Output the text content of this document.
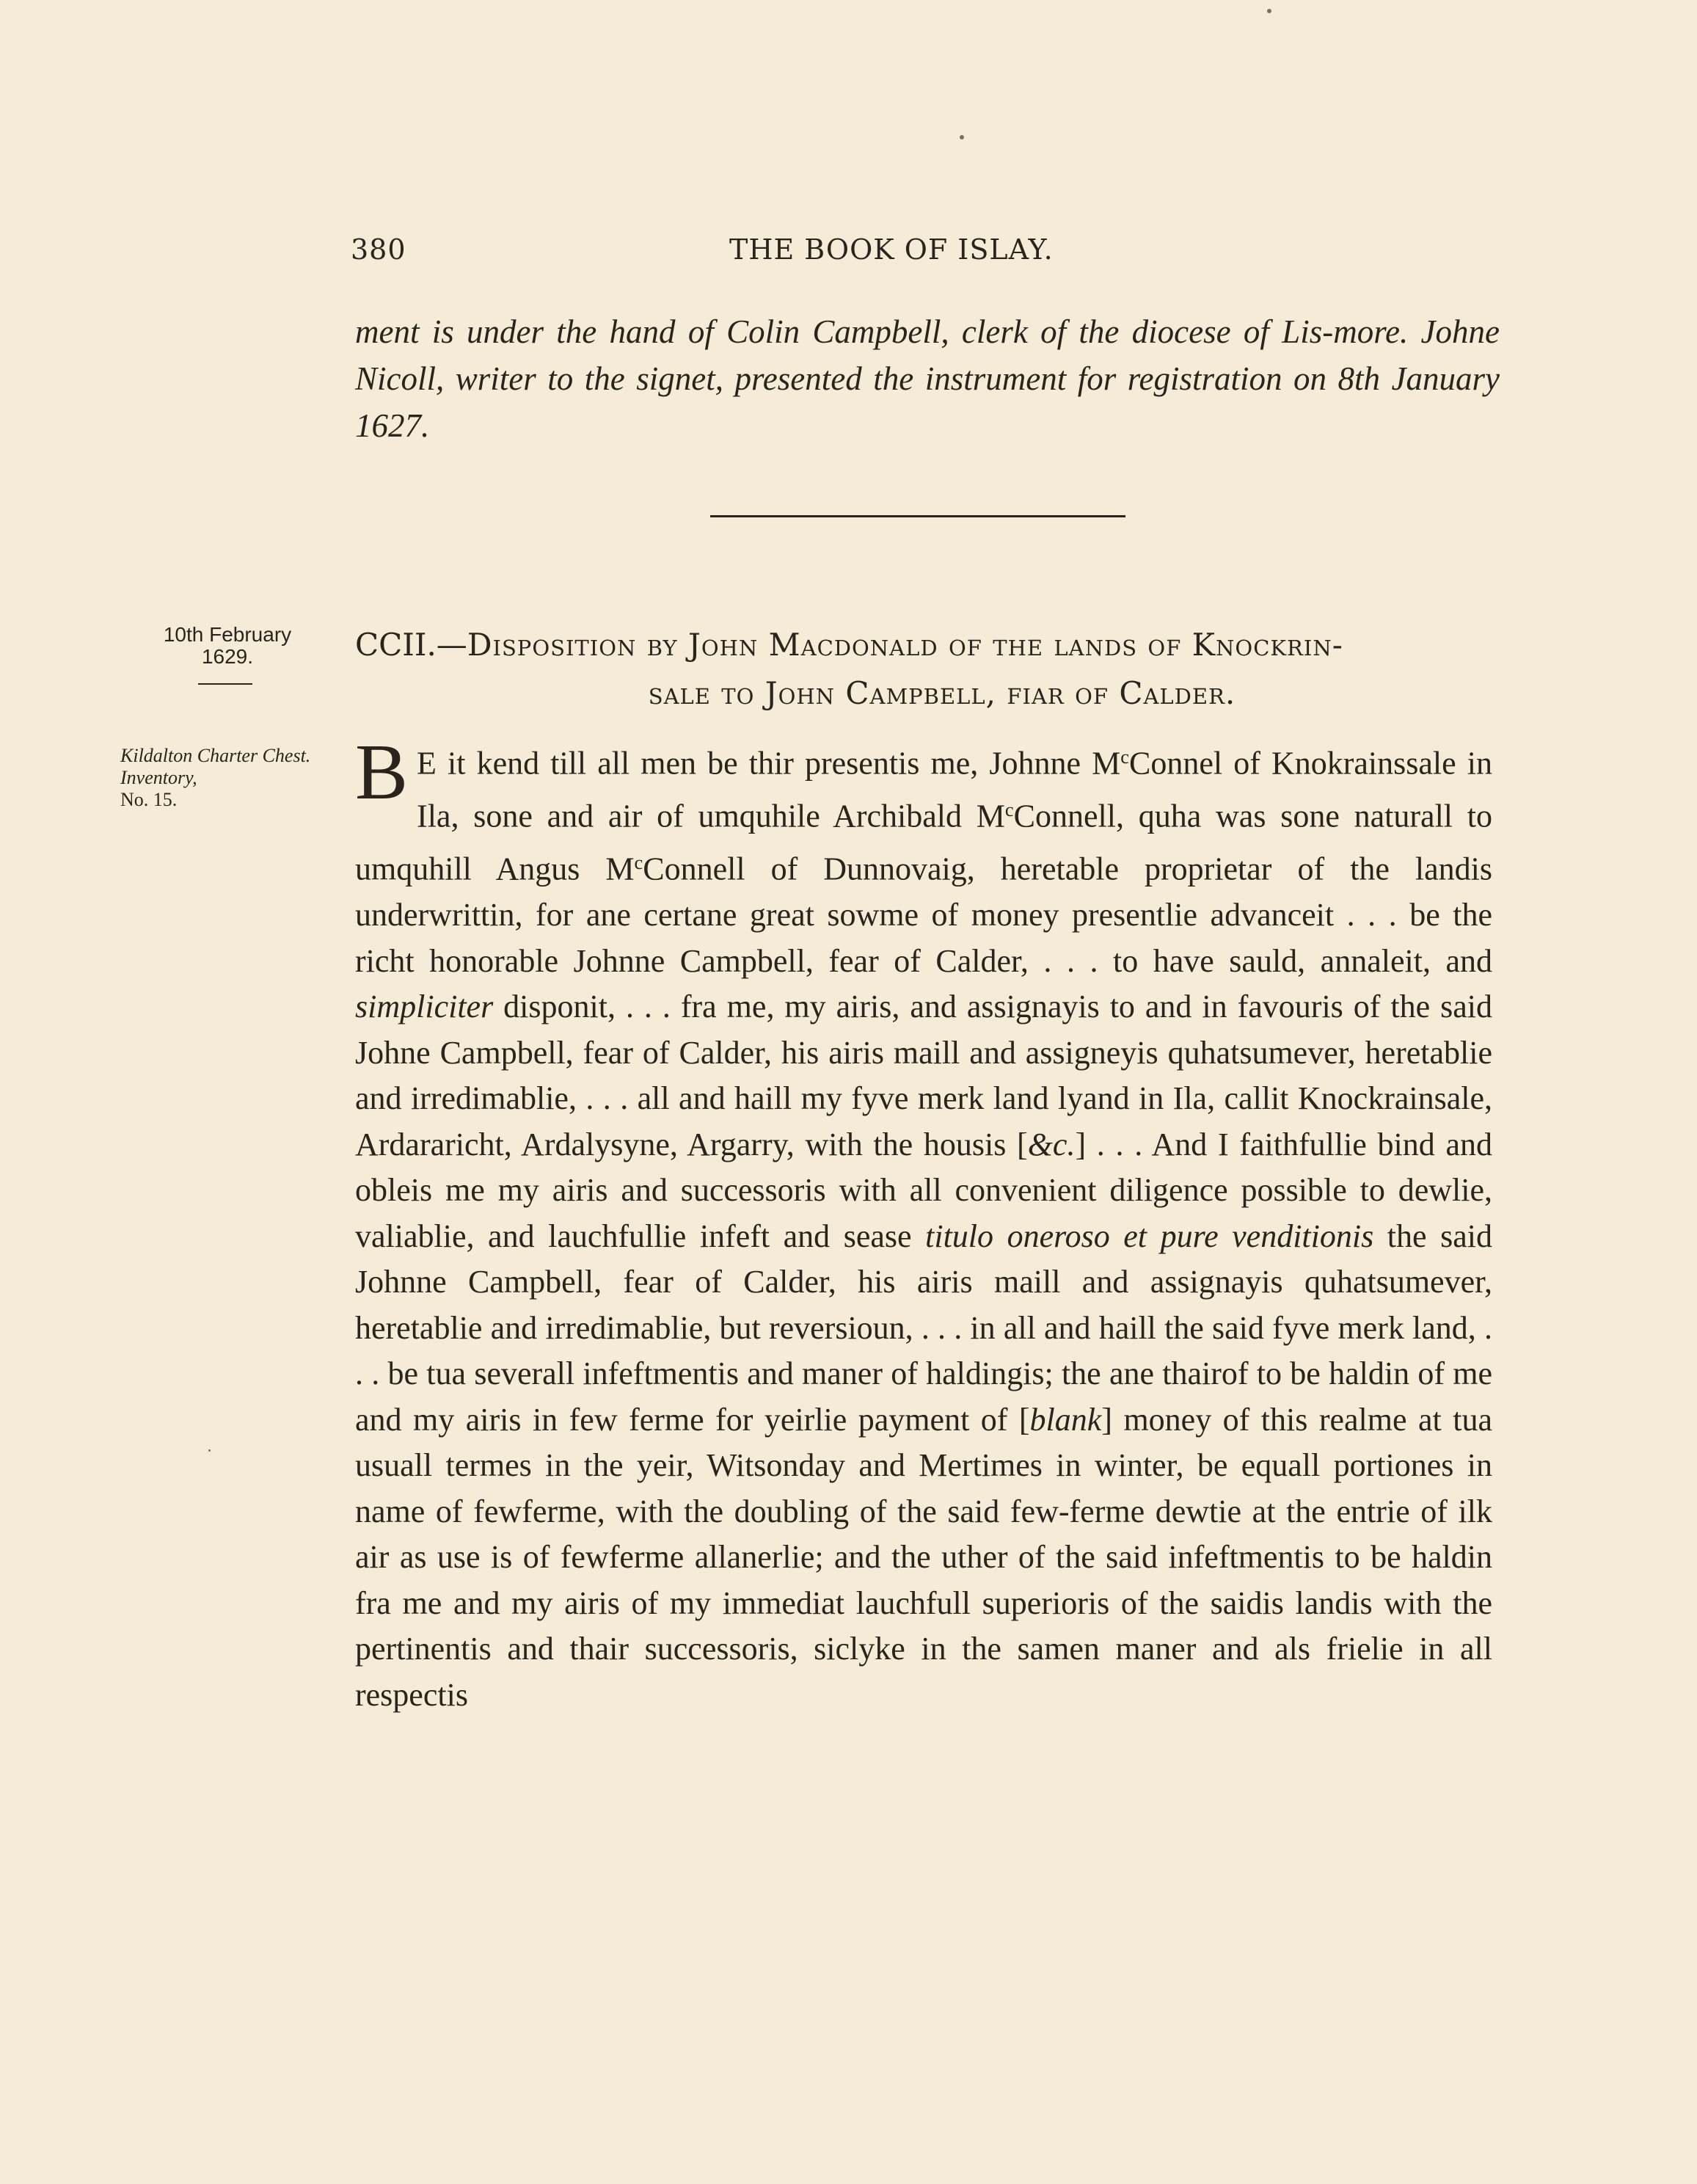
380	THE BOOK OF ISLAY.

ment is under the hand of Colin Campbell, clerk of the diocese of Lis-more. Johne Nicoll, writer to the signet, presented the instrument for registration on 8th January 1627.

10th February
1629.
Kildalton Charter Chest. Inventory,
No. 15.
CCII.—Disposition by John Macdonald of the lands of Knockrin-
sale to John Campbell, fiar of Calder.

B E it kend till all men be thir presentis me, Johnne $M^cConnel$ of Knokrainssale in Ila, sone and air of umquhile Archibald $M^cConnell$, quha was sone naturall to umquhill Angus $M^cConnell$ of Dunnovaig, heretable proprietar of the landis underwrittin, for ane certane great sowme of money presentlie advanceit . . . be the richt honorable Johnne Campbell, fear of Calder, . . . to have sauld, annaleit, and simpliciter disponit, . . . fra me, my airis, and assignayis to and in favouris of the said Johne Campbell, fear of Calder, his airis maill and assigneyis quhatsumever, heretablie and irredimablie, . . . all and haill my fyve merk land lyand in Ila, callit Knockrainsale, Ardararicht, Ardalysyne, Argarry, with the housis [&c.] . . . And I faithfullie bind and obleis me my airis and successoris with all convenient diligence possible to dewlie, valiablie, and lauchfullie infeft and sease titulo oneroso et pure venditionis the said Johnne Campbell, fear of Calder, his airis maill and assignayis quhatsumever, heretablie and irredimablie, but reversioun, . . . in all and haill the said fyve merk land, . . . be tua severall infeftmentis and maner of haldingis; the ane thairof to be haldin of me and my airis in few ferme for yeirlie payment of [blank] money of this realme at tua usuall termes in the yeir, Witsonday and Mertimes in winter, be equall portiones in name of fewferme, with the doubling of the said few-ferme dewtie at the entrie of ilk air as use is of fewferme allanerlie; and the uther of the said infeftmentis to be haldin fra me and my airis of my immediat lauchfull superioris of the saidis landis with the pertinentis and thair successoris, siclyke in the samen maner and als frielie in all respectis
